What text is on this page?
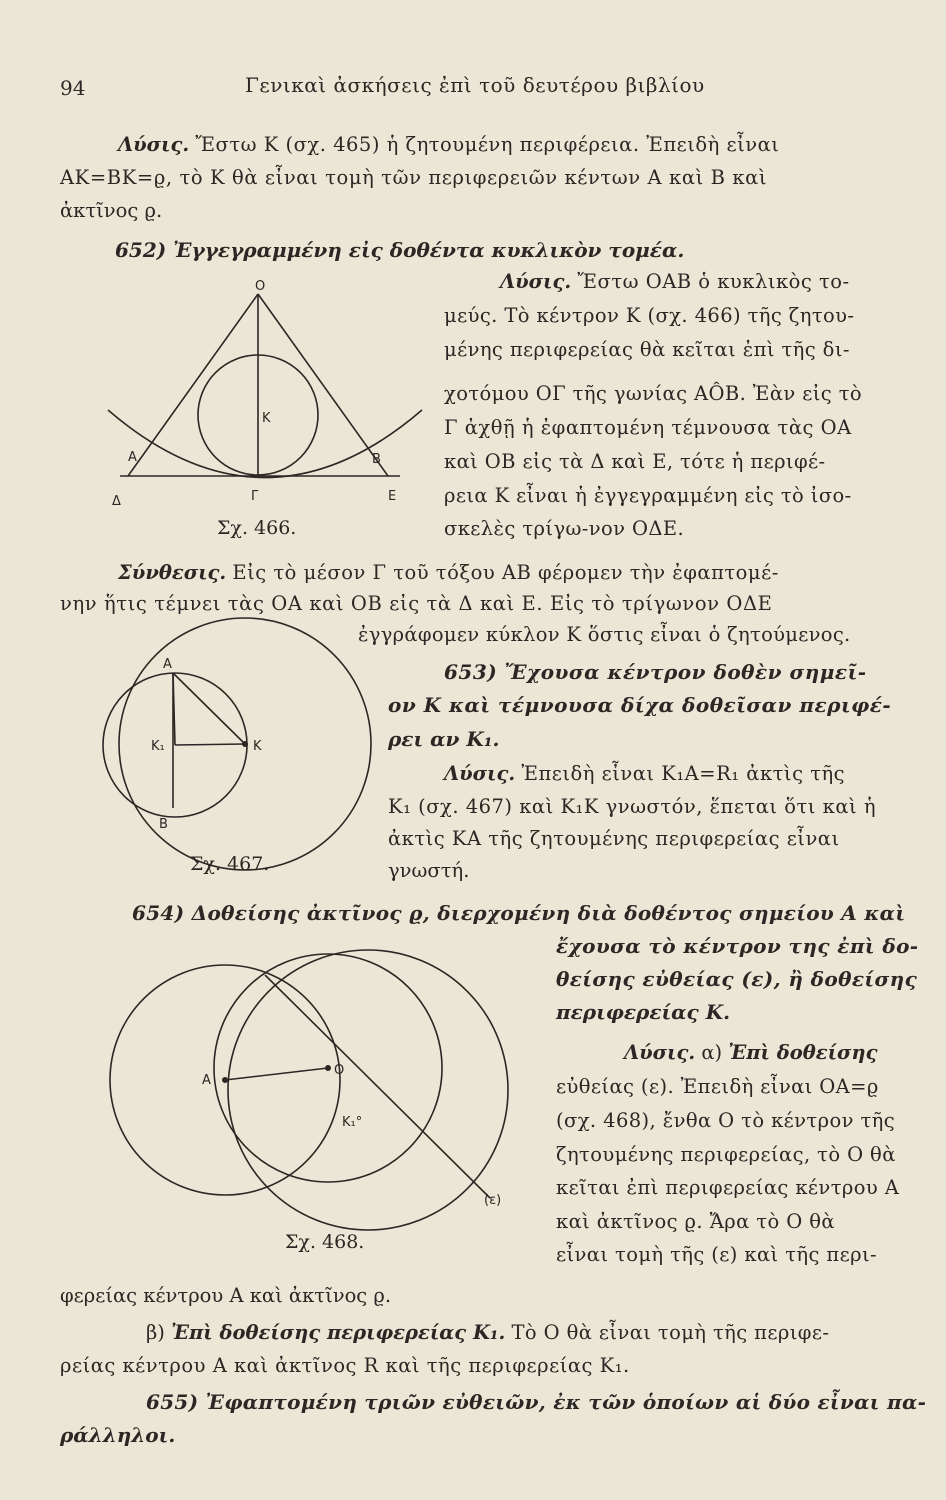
94	Γενικαὶ ἀσκήσεις ἐπὶ τοῦ δευτέρου βιβλίου
Λύσις. Ἔστω Κ (σχ. 465) ἡ ζητουμένη περιφέρεια. Ἐπειδὴ εἶναι
ΑΚ=ΒΚ=ϱ, τὸ Κ θὰ εἶναι τομὴ τῶν περιφερειῶν κέντων Α καὶ Β καὶ
ἀκτῖνος ϱ.
652) Ἐγγεγραμμένη εἰς δοθέντα κυκλικὸν τομέα.
Λύσις. Ἔστω ΟΑΒ ὁ κυκλικὸς το-
μεύς. Τὸ κέντρον Κ (σχ. 466) τῆς ζητου-
μένης περιφερείας θὰ κεῖται ἐπὶ τῆς δι-
χοτόμου ΟΓ τῆς γωνίας ΑÔΒ. Ἐὰν εἰς τὸ
Γ ἀχθῇ ἡ ἐφαπτομένη τέμνουσα τὰς ΟΑ
καὶ ΟΒ εἰς τὰ Δ καὶ Ε, τότε ἡ περιφέ-
ρεια Κ εἶναι ἡ ἐγγεγραμμένη εἰς τὸ ἰσο-
σκελὲς τρίγω-νον ΟΔΕ.
Ο
Κ
Α	Β
Δ	Γ	Ε
Σχ. 466.
Σύνθεσις. Εἰς τὸ μέσον Γ τοῦ τόξου ΑΒ φέρομεν τὴν ἐφαπτομέ-
νην ἥτις τέμνει τὰς ΟΑ καὶ ΟΒ εἰς τὰ Δ καὶ Ε. Εἰς τὸ τρίγωνον ΟΔΕ
ἐγγράφομεν κύκλον Κ ὅστις εἶναι ὁ ζητούμενος.
653) Ἔχουσα κέντρον δοθὲν σημεῖ-
ον Κ καὶ τέμνουσα δίχα δοθεῖσαν περιφέ-
ρει αν Κ₁.
Λύσις. Ἐπειδὴ εἶναι Κ₁Α=R₁ ἀκτὶς τῆς
Κ₁ (σχ. 467) καὶ Κ₁Κ γνωστόν, ἕπεται ὅτι καὶ ἡ
ἀκτὶς ΚΑ τῆς ζητουμένης περιφερείας εἶναι
γνωστή.
Α
Β
Κ₁	Κ
Σχ. 467.
654) Δοθείσης ἀκτῖνος ϱ, διερχομένη διὰ δοθέντος σημείου Α καὶ
ἔχουσα τὸ κέντρον της ἐπὶ δο-
θείσης εὐθείας (ε), ἢ δοθείσης
περιφερείας Κ.
Λύσις. α) Ἐπὶ δοθείσης
εὐθείας (ε). Ἐπειδὴ εἶναι ΟΑ=ϱ
(σχ. 468), ἔνθα Ο τὸ κέντρον τῆς
ζητουμένης περιφερείας, τὸ Ο θὰ
κεῖται ἐπὶ περιφερείας κέντρου Α
καὶ ἀκτῖνος ϱ. Ἄρα τὸ Ο θὰ
εἶναι τομὴ τῆς (ε) καὶ τῆς περι-
φερείας κέντρου Α καὶ ἀκτῖνος ϱ.
Α
Ο
Κ₁°
(ε)
Σχ. 468.
β) Ἐπὶ δοθείσης περιφερείας Κ₁. Τὸ Ο θὰ εἶναι τομὴ τῆς περιφε-
ρείας κέντρου Α καὶ ἀκτῖνος R καὶ τῆς περιφερείας Κ₁.
655) Ἐφαπτομένη τριῶν εὐθειῶν, ἐκ τῶν ὁποίων αἱ δύο εἶναι πα-
ράλληλοι.
